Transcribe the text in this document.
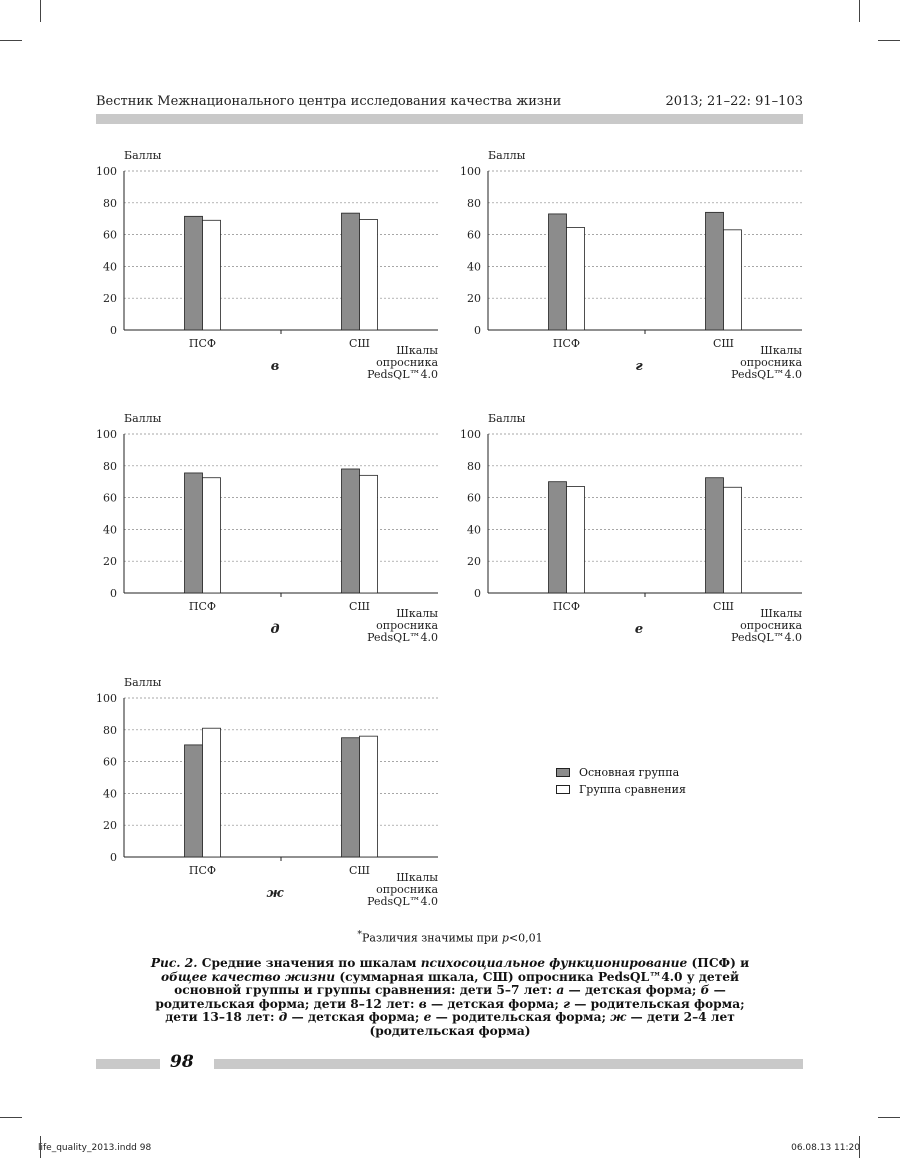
Вестник Межнационального центра исследования качества жизни	2013; 21–22: 91–103
Баллы
0
20
40
60
80
100
ПСФ	СШ
в
Шкалы
опросника
PedsQL™4.0
Баллы
0
20
40
60
80
100
ПСФ	СШ
г
Шкалы
опросника
PedsQL™4.0
Баллы
0
20
40
60
80
100
ПСФ	СШ
д
Шкалы
опросника
PedsQL™4.0
Баллы
0
20
40
60
80
100
ПСФ	СШ
е
Шкалы
опросника
PedsQL™4.0
Баллы
0
20
40
60
80
100
ПСФ	СШ
ж
Шкалы
опросника
PedsQL™4.0
Основная группа
Группа сравнения
*Различия значимы при p<0,01
Рис. 2. Средние значения по шкалам психосоциальное функционирование (ПСФ) и общее качество жизни (суммарная шкала, СШ) опросника PedsQL™4.0 у детей основной группы и группы сравнения: дети 5–7 лет: а — детская форма; б — родительская форма; дети 8–12 лет: в — детская форма; г — родительская форма; дети 13–18 лет: д — детская форма; е — родительская форма; ж — дети 2–4 лет (родительская форма)
98
life_quality_2013.indd 98	06.08.13 11:20
